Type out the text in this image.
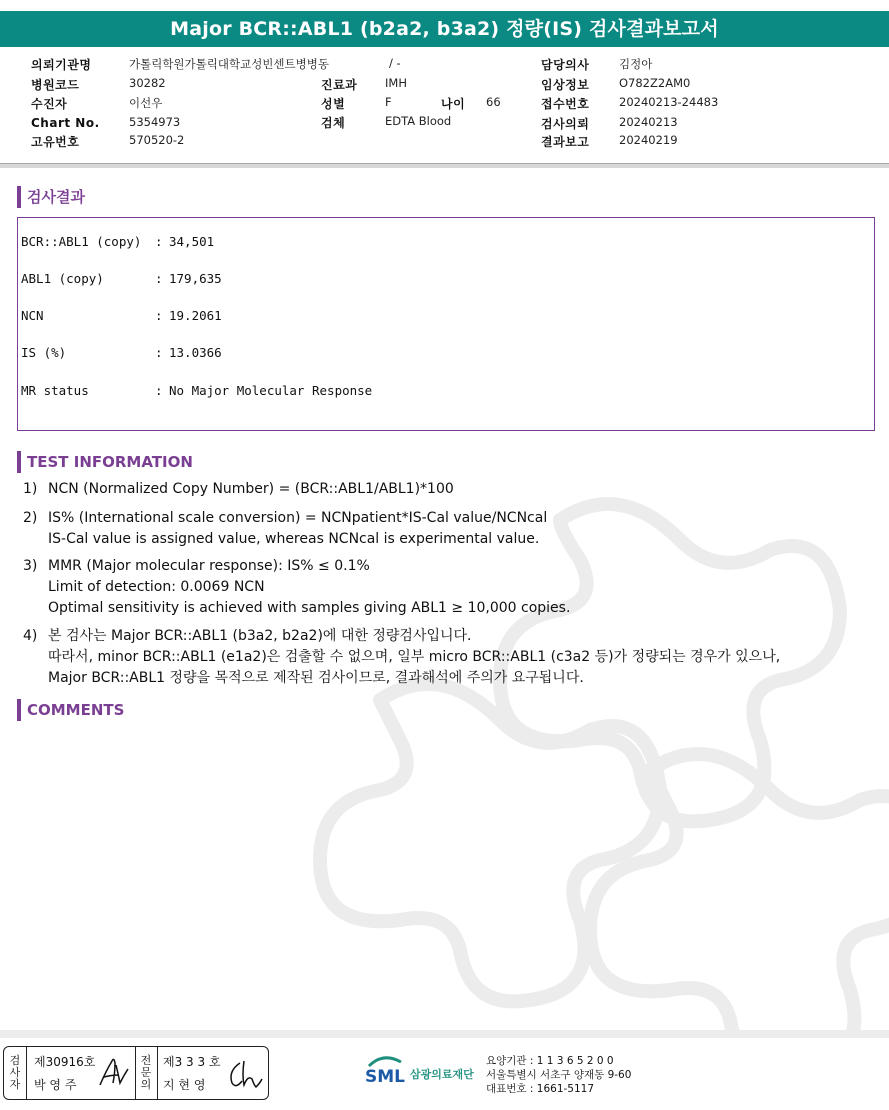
Major BCR::ABL1 (b2a2, b3a2) 정량(IS) 검사결과보고서
의뢰기관명	가톨릭학원가톨릭대학교성빈센트병병동	/ -
병원코드	30282	진료과 IMH
수진자	이선우	성별	F	나이 66
Chart No.	5354973	검체	EDTA Blood
고유번호	570520-2
담당의사	김정아
임상정보	O782Z2AM0
접수번호	20240213-24483
검사의뢰	20240213
결과보고	20240219
검사결과
BCR::ABL1 (copy) : 34,501
ABL1 (copy)	: 179,635
NCN	: 19.2061
IS (%)	: 13.0366
MR status	: No Major Molecular Response
TEST INFORMATION
1) NCN (Normalized Copy Number) = (BCR::ABL1/ABL1)*100
2) IS% (International scale conversion) = NCNpatient*IS-Cal value/NCNcal
IS-Cal value is assigned value, whereas NCNcal is experimental value.
3) MMR (Major molecular response): IS% ≤ 0.1%
Limit of detection: 0.0069 NCN
Optimal sensitivity is achieved with samples giving ABL1 ≥ 10,000 copies.
4) 본 검사는 Major BCR::ABL1 (b3a2, b2a2)에 대한 정량검사입니다.
따라서, minor BCR::ABL1 (e1a2)은 검출할 수 없으며, 일부 micro BCR::ABL1 (c3a2 등)가 정량되는 경우가 있으나,
Major BCR::ABL1 정량을 목적으로 제작된 검사이므로, 결과해석에 주의가 요구됩니다.
COMMENTS
검
사
자
제30916호
박 영 주
전
문
의
제3 3 3 호
지 현 영	SML 삼광의료재단
요양기관 : 1 1 3 6 5 2 0 0
서울특별시 서초구 양재동 9-60
대표번호 : 1661-5117
